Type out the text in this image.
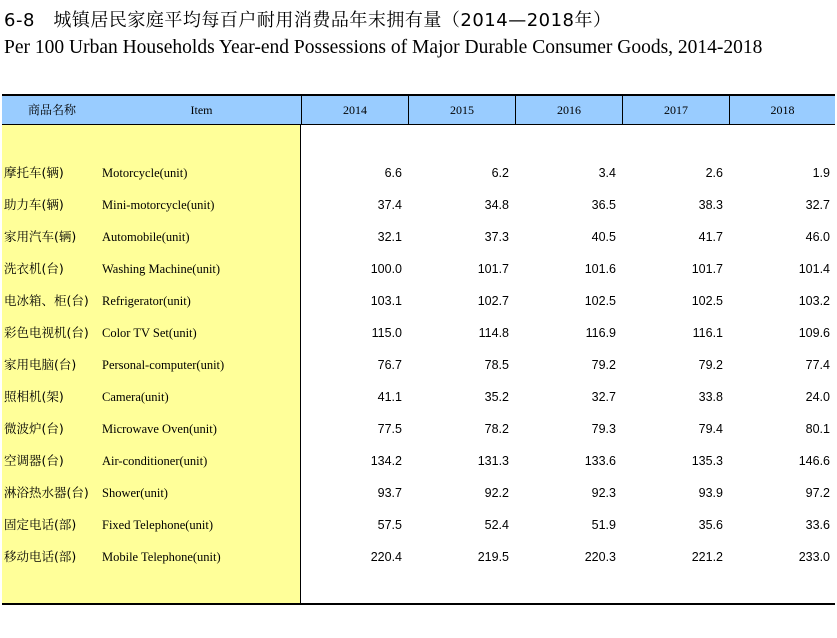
6-8　城镇居民家庭平均每百户耐用消费品年末拥有量（2014—2018年）
Per 100 Urban Households Year-end Possessions of Major Durable Consumer Goods, 2014-2018
商品名称	Item	2014	2015	2016	2017	2018
摩托车(辆)	Motorcycle(unit)	6.6	6.2	3.4	2.6	1.9
助力车(辆)	Mini-motorcycle(unit)	37.4	34.8	36.5	38.3	32.7
家用汽车(辆) Automobile(unit)	32.1	37.3	40.5	41.7	46.0
洗衣机(台)	Washing Machine(unit)	100.0	101.7	101.6	101.7	101.4
电冰箱、柜(台) Refrigerator(unit)	103.1	102.7	102.5	102.5	103.2
彩色电视机(台) Color TV Set(unit)	115.0	114.8	116.9	116.1	109.6
家用电脑(台) Personal-computer(unit)	76.7	78.5	79.2	79.2	77.4
照相机(架)	Camera(unit)	41.1	35.2	32.7	33.8	24.0
微波炉(台)	Microwave Oven(unit)	77.5	78.2	79.3	79.4	80.1
空调器(台)	Air-conditioner(unit)	134.2	131.3	133.6	135.3	146.6
淋浴热水器(台) Shower(unit)	93.7	92.2	92.3	93.9	97.2
固定电话(部) Fixed Telephone(unit)	57.5	52.4	51.9	35.6	33.6
移动电话(部) Mobile Telephone(unit)	220.4	219.5	220.3	221.2	233.0
